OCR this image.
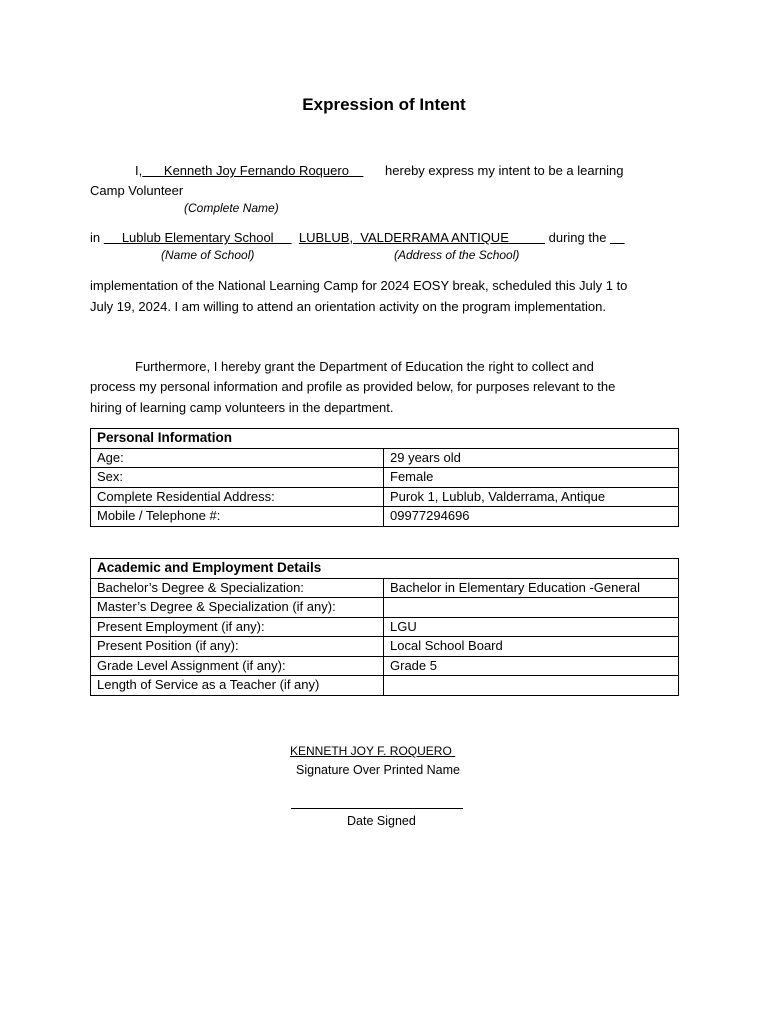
Expression of Intent
I, Kenneth Joy Fernando Roquero	hereby express my intent to be a learning
Camp Volunteer
(Complete Name)
in Lublub Elementary School LUBLUB,  VALDERRAMA ANTIQUE	during the
(Name of School)	(Address of the School)
implementation of the National Learning Camp for 2024 EOSY break, scheduled this July 1 to
July 19, 2024. I am willing to attend an orientation activity on the program implementation.
Furthermore, I hereby grant the Department of Education the right to collect and
process my personal information and profile as provided below, for purposes relevant to the
hiring of learning camp volunteers in the department.
Personal Information	
Age:	29 years old
Sex:	Female
Complete Residential Address:	Purok 1, Lublub, Valderrama, Antique
Mobile / Telephone #:	09977294696
Academic and Employment Details	
Bachelor’s Degree & Specialization:	Bachelor in Elementary Education -General
Master’s Degree & Specialization (if any):	
Present Employment (if any):	LGU
Present Position (if any):	Local School Board
Grade Level Assignment (if any):	Grade 5
Length of Service as a Teacher (if any)	
KENNETH JOY F. ROQUERO
Signature Over Printed Name
Date Signed
